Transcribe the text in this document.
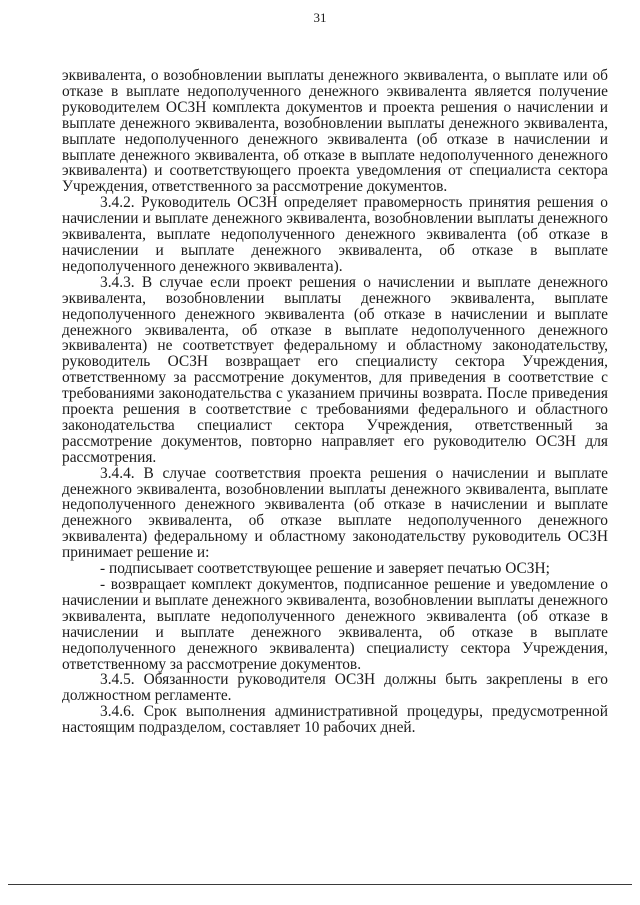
31

эквивалента, о возобновлении выплаты денежного эквивалента, о выплате или об отказе в выплате недополученного денежного эквивалента является получение руководителем ОСЗН комплекта документов и проекта решения о начислении и выплате денежного эквивалента, возобновлении выплаты денежного эквивалента, выплате недополученного денежного эквивалента (об отказе в начислении и выплате денежного эквивалента, об отказе в выплате недополученного денежного эквивалента) и соответствующего проекта уведомления от специалиста сектора Учреждения, ответственного за рассмотрение документов.

3.4.2. Руководитель ОСЗН определяет правомерность принятия решения о начислении и выплате денежного эквивалента, возобновлении выплаты денежного эквивалента, выплате недополученного денежного эквивалента (об отказе в начислении и выплате денежного эквивалента, об отказе в выплате недополученного денежного эквивалента).

3.4.3. В случае если проект решения о начислении и выплате денежного эквивалента, возобновлении выплаты денежного эквивалента, выплате недополученного денежного эквивалента (об отказе в начислении и выплате денежного эквивалента, об отказе в выплате недополученного денежного эквивалента) не соответствует федеральному и областному законодательству, руководитель ОСЗН возвращает его специалисту сектора Учреждения, ответственному за рассмотрение документов, для приведения в соответствие с требованиями законодательства с указанием причины возврата. После приведения проекта решения в соответствие с требованиями федерального и областного законодательства специалист сектора Учреждения, ответственный за рассмотрение документов, повторно направляет его руководителю ОСЗН для рассмотрения.

3.4.4. В случае соответствия проекта решения о начислении и выплате денежного эквивалента, возобновлении выплаты денежного эквивалента, выплате недополученного денежного эквивалента (об отказе в начислении и выплате денежного эквивалента, об отказе выплате недополученного денежного эквивалента) федеральному и областному законодательству руководитель ОСЗН принимает решение и:

- подписывает соответствующее решение и заверяет печатью ОСЗН;

- возвращает комплект документов, подписанное решение и уведомление о начислении и выплате денежного эквивалента, возобновлении выплаты денежного эквивалента, выплате недополученного денежного эквивалента (об отказе в начислении и выплате денежного эквивалента, об отказе в выплате недополученного денежного эквивалента) специалисту сектора Учреждения, ответственному за рассмотрение документов.

3.4.5. Обязанности руководителя ОСЗН должны быть закреплены в его должностном регламенте.

3.4.6. Срок выполнения административной процедуры, предусмотренной настоящим подразделом, составляет 10 рабочих дней.
